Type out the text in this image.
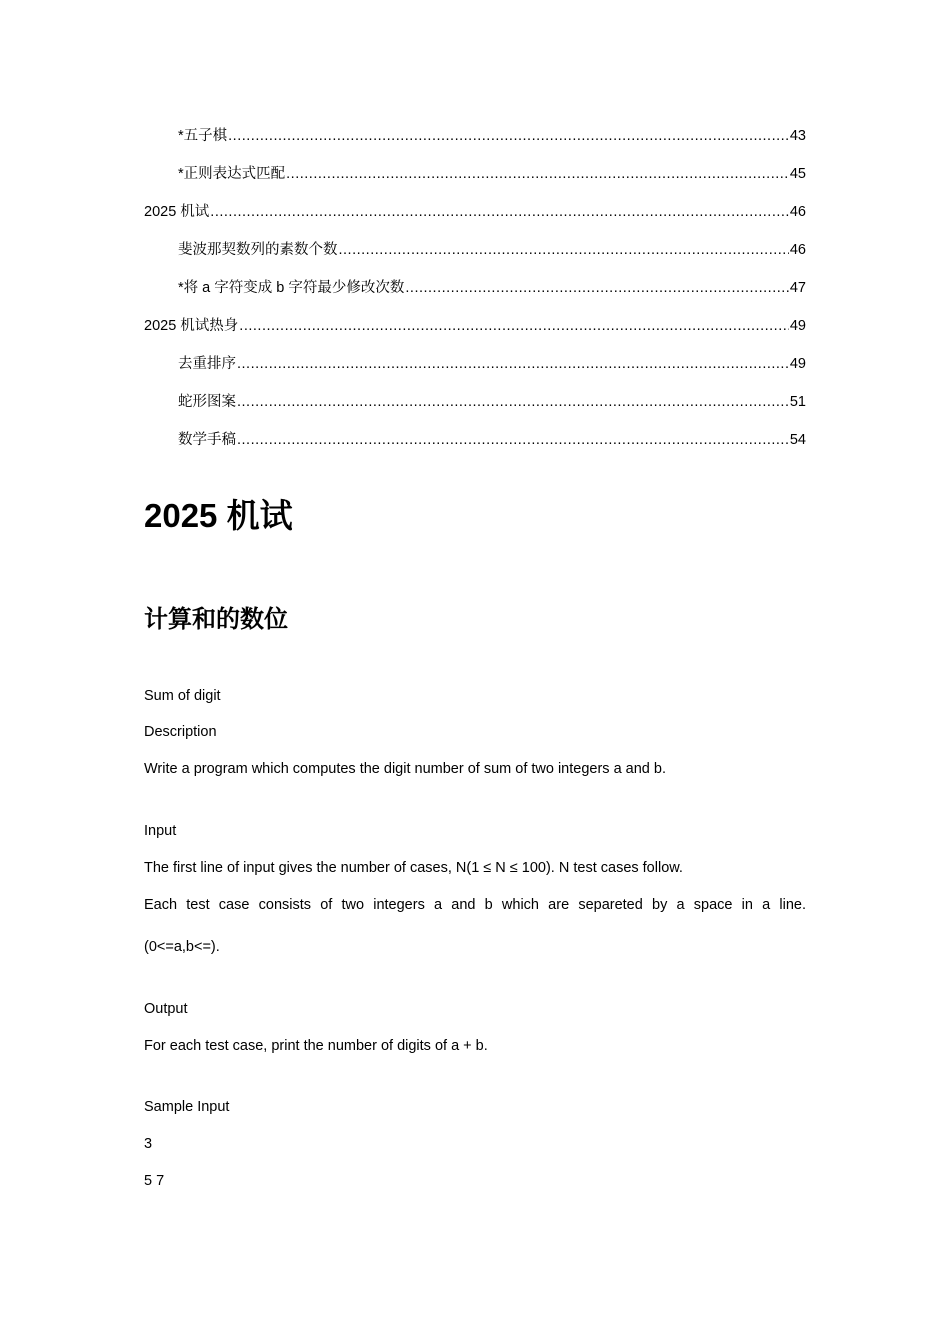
*五子棋 .....	43
*正则表达式匹配 .....	45
2025 机试 .....	46
斐波那契数列的素数个数 .....	46
*将 a 字符变成 b 字符最少修改次数 .....	47
2025 机试热身 .....	49
去重排序 .....	49
蛇形图案 .....	51
数学手稿 .....	54
2025 机试
计算和的数位
Sum of digit
Description
Write a program which computes the digit number of sum of two integers a and b.
Input
The first line of input gives the number of cases, N(1 ≤ N ≤ 100). N test cases follow.
Each test case consists of two integers a and b which are separeted by a space in a line.
(0<=a,b<=).
Output
For each test case, print the number of digits of a + b.
Sample Input
3
5 7
